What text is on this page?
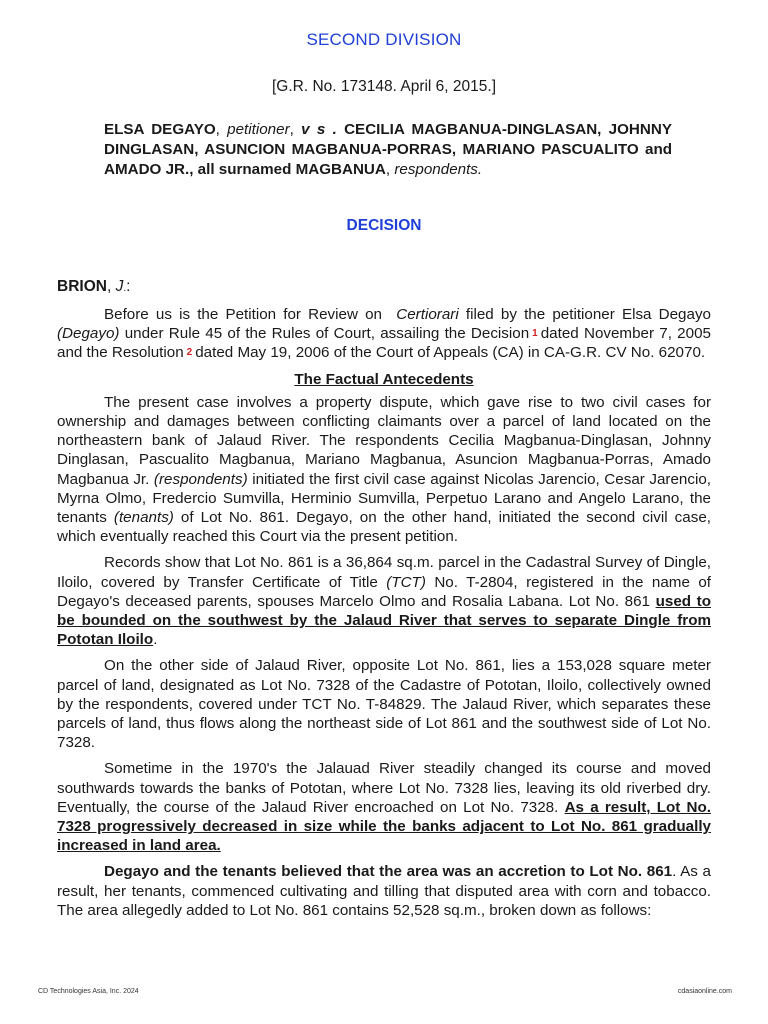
SECOND DIVISION
[G.R. No. 173148. April 6, 2015.]
ELSA DEGAYO, petitioner, v s . CECILIA MAGBANUA-DINGLASAN, JOHNNY DINGLASAN, ASUNCION MAGBANUA-PORRAS, MARIANO PASCUALITO and AMADO JR., all surnamed MAGBANUA, respondents.
DECISION
BRION, J.:

Before us is the Petition for Review on Certiorari filed by the petitioner Elsa Degayo (Degayo) under Rule 45 of the Rules of Court, assailing the Decision 1 dated November 7, 2005 and the Resolution 2 dated May 19, 2006 of the Court of Appeals (CA) in CA-G.R. CV No. 62070.

The Factual Antecedents

The present case involves a property dispute, which gave rise to two civil cases for ownership and damages between conflicting claimants over a parcel of land located on the northeastern bank of Jalaud River. The respondents Cecilia Magbanua-Dinglasan, Johnny Dinglasan, Pascualito Magbanua, Mariano Magbanua, Asuncion Magbanua-Porras, Amado Magbanua Jr. (respondents) initiated the first civil case against Nicolas Jarencio, Cesar Jarencio, Myrna Olmo, Fredercio Sumvilla, Herminio Sumvilla, Perpetuo Larano and Angelo Larano, the tenants (tenants) of Lot No. 861. Degayo, on the other hand, initiated the second civil case, which eventually reached this Court via the present petition.

Records show that Lot No. 861 is a 36,864 sq.m. parcel in the Cadastral Survey of Dingle, Iloilo, covered by Transfer Certificate of Title (TCT) No. T-2804, registered in the name of Degayo's deceased parents, spouses Marcelo Olmo and Rosalia Labana. Lot No. 861 used to be bounded on the southwest by the Jalaud River that serves to separate Dingle from Pototan Iloilo.

On the other side of Jalaud River, opposite Lot No. 861, lies a 153,028 square meter parcel of land, designated as Lot No. 7328 of the Cadastre of Pototan, Iloilo, collectively owned by the respondents, covered under TCT No. T-84829. The Jalaud River, which separates these parcels of land, thus flows along the northeast side of Lot 861 and the southwest side of Lot No. 7328.

Sometime in the 1970's the Jalauad River steadily changed its course and moved southwards towards the banks of Pototan, where Lot No. 7328 lies, leaving its old riverbed dry. Eventually, the course of the Jalaud River encroached on Lot No. 7328. As a result, Lot No. 7328 progressively decreased in size while the banks adjacent to Lot No. 861 gradually increased in land area.

Degayo and the tenants believed that the area was an accretion to Lot No. 861. As a result, her tenants, commenced cultivating and tilling that disputed area with corn and tobacco. The area allegedly added to Lot No. 861 contains 52,528 sq.m., broken down as follows:

CD Technologies Asia, Inc. 2024	cdasiaonline.com
